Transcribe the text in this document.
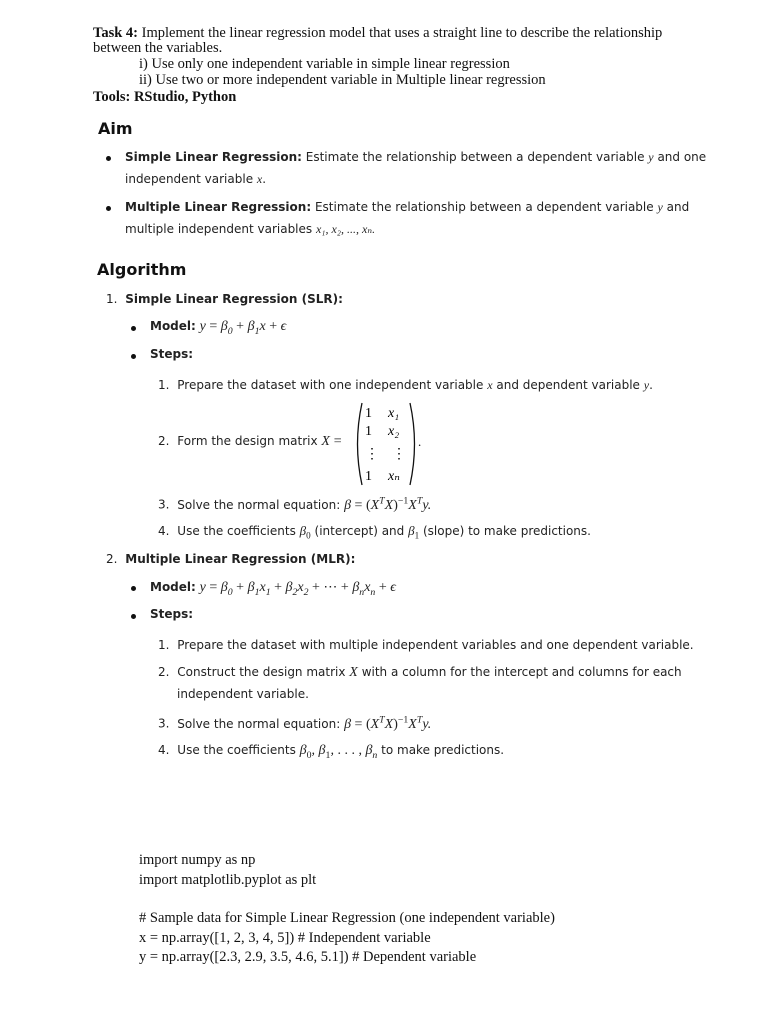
Task 4: Implement the linear regression model that uses a straight line to describe the relationship
between the variables.
i) Use only one independent variable in simple linear regression
ii) Use two or more independent variable in Multiple linear regression
Tools: RStudio, Python
Aim
Simple Linear Regression: Estimate the relationship between a dependent variable y and one
independent variable x.
Multiple Linear Regression: Estimate the relationship between a dependent variable y and
multiple independent variables x₁, x₂, ..., xₙ.
Algorithm
1. Simple Linear Regression (SLR):
Model: $y = \beta_0 + \beta_1x + \epsilon$
Steps:
1. Prepare the dataset with one independent variable x and dependent variable y.
2. Form the design matrix X =
1 x₁
1 x₂
⋮ ⋮
1 xₙ
.
3. Solve the normal equation: $\beta = (X^TX)^{-1}X^Ty$.
4. Use the coefficients $\beta_0$ (intercept) and $\beta_1$ (slope) to make predictions.
2. Multiple Linear Regression (MLR):
Model: $y = \beta_0 + \beta_1x_1 + \beta_2x_2$ + ⋯ + $\beta_nx_n + \epsilon$
Steps:
1. Prepare the dataset with multiple independent variables and one dependent variable.
2. Construct the design matrix X with a column for the intercept and columns for each
independent variable.
3. Solve the normal equation: $\beta = (X^TX)^{-1}X^Ty$.
4. Use the coefficients $\beta_0$, $\beta_1$, . . . , $\beta_n$ to make predictions.
import numpy as np
import matplotlib.pyplot as plt
# Sample data for Simple Linear Regression (one independent variable)
x = np.array([1, 2, 3, 4, 5]) # Independent variable
y = np.array([2.3, 2.9, 3.5, 4.6, 5.1]) # Dependent variable
